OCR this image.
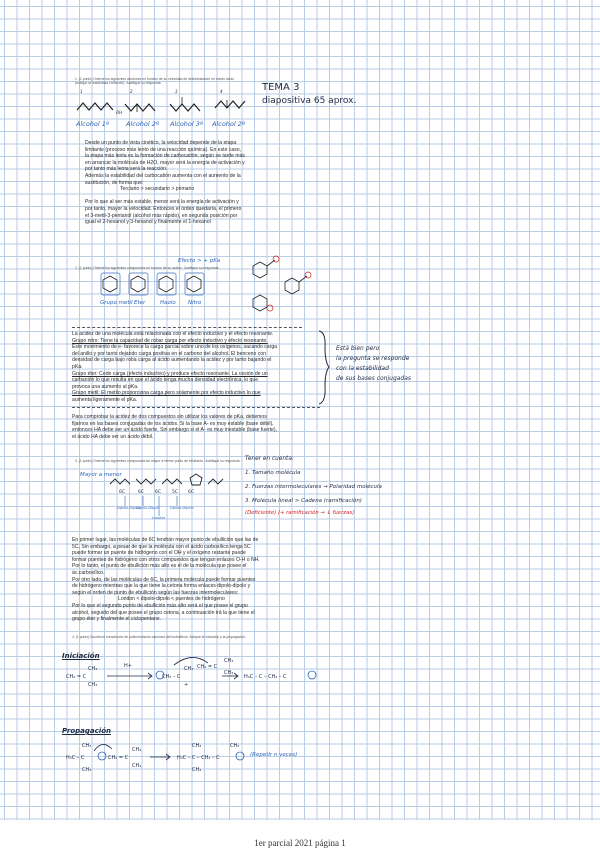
1. (1 punto) Ordene los siguientes alcoholes en función de su velocidad de deshidratación en medio ácido (Indique la reactividad creciente). Justifique su respuesta.
1	2	3	4
OH
Alcohol 1º	Alcohol 2º Alcohol 3º Alcohol 2º
TEMA 3
diapositiva 65 aprox.
Desde un punto de vista cinético, la velocidad depende de la etapa
limitante (proceso más lento de una reacción química). En este caso,
la etapa más lenta es la formación de carbocatión; según se tarde más
en arrancar la molécula de H2O, mayor será la energía de activación y
por tanto más lenta será la reacción.
Además la estabilidad del carbocatión aumenta con el aumento de la
sustitución, de forma que:
Terciario > secundario > primario
Por lo que al ser más estable, menor será la energía de activación y
por tanto, mayor la velocidad. Entonces el orden quedaría, el primero
el 3-metil-3-pentanol (alcohol más rápido), en segunda posición por
igual el 2-hexanol y 3-hexanol y finalmente el 1-hexanol
2. (1 punto) Ordene los siguientes compuestos en función de su acidez. Justifique su respuesta.
Efecto > + pKa
Grupo metil Eter	Haolo Nitro
La acidez de una molécula está relacionada con el efecto inductivo y el efecto resonante.
Grupo nitro: Tiene la capacidad de robar carga por efecto inductivo y efecto resonante.
Este movimiento de e- favorece la carga parcial sobre uno de los oxígenos, sacando carga
del anillo y por tanto dejando carga positiva en el carbono del alcohol. El benceno con
densidad de carga bajo roba carga al ácido aumentando la acidez y por tanto bajando el
pKa.
Grupo éter: Cede carga (efecto inductivo) y produce efecto resonante. La cesión de un
carbanión lo que resulta en que el ácido tenga mucha densidad electrónica, lo que
provoca una aumento al pKa.
Grupo metil: El metilo proporciona carga pero solamente por efecto inductivo lo que
aumenta ligeramente el pKa.
Está bien pero
la pregunta se responde
con la estabilidad
de sus bases conjugadas
Para comprobar la acidez de dos compuestos sin utilizar los valores de pKa, debemos
fijarnos en las bases conjugadas de los ácidos. Si la base A- es muy estable (base débil),
entonces HA debe ser un ácido fuerte. Sin embargo si el A- es muy inestable (base fuerte),
el ácido HA debe ser un ácido débil.
3. (1 punto) Ordene los siguientes compuestos de mayor a menor punto de ebullición. Justifique su respuesta.
Mayor a menor
6C	6C 6C 5C 6C
Dipolo-Dipolo
Dipolo-Dipolo
London
Dipolo-Dipolo
Tener en cuenta:
1. Tamaño molécula
2. Fuerzas intermoleculares → Polaridad molécula
3. Molécula lineal > Cadena (ramificación)
(Deficiente) (+ ramificación → ↓ fuerzas)
En primer lugar, las moléculas de 6C tendrán mayor punto de ebullición que las de
5C. Sin embargo, a pesar de que la molécula con el ácido carboxílico tenga 5C
puede formar un puente de hidrógeno con el OH y el oxígeno restante puede
formar puentes de hidrógeno con otros compuestos que tengan enlaces O-H o NH.
Por lo tanto, el punto de ebullición más alto es el de la molécula que posee el
ác.carboxílico.
Por otro lado, de las moléculas de 6C, la primera molécula puede formar puentes
de hidrógeno mientras que la que tiene la cetona forma enlaces dipolo-dipolo y
según el orden de punto de ebullición según las fuerzas intermoleculares:
London < dipolo-dipolo < puentes de hidrógeno
Por lo que el segundo punto de ebullición más alto será el que posee el grupo
alcohol, seguido del que posee el grupo cetona, a continuación irá la que tiene el
grupo éter y finalmente el ciclopentano.
4. (1 punto) Escriba el mecanismo de polimerización catiónica del isobutileno. Indique la iniciación y la propagación.
Iniciación
CH₂ = C
CH₃
CH₃
CH₃ – C
CH₃
+
CH₂ = C
CH₃
CH₃
H₃C – C – CH₂ – C
H+
Propagación
H₃C – C
CH₃
CH₃
CH₂ = C
CH₃
CH₃
H₃C – C – CH₂ – C
CH₃
CH₃
CH₃
(Repetir n veces)
1er parcial 2021 página 1
